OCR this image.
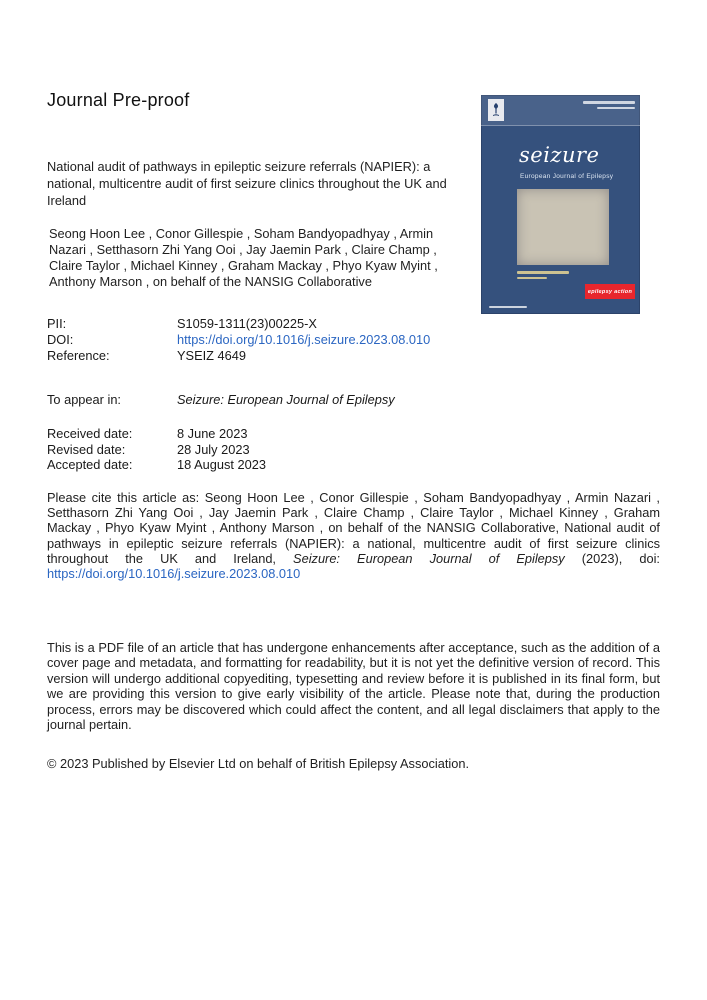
Journal Pre-proof
seizure
European Journal of Epilepsy
epilepsy action
National audit of pathways in epileptic seizure referrals (NAPIER): a national, multicentre audit of first seizure clinics throughout the UK and Ireland
Seong Hoon Lee , Conor Gillespie , Soham Bandyopadhyay , Armin Nazari , Setthasorn Zhi Yang Ooi , Jay Jaemin Park , Claire Champ , Claire Taylor , Michael Kinney , Graham Mackay , Phyo Kyaw Myint , Anthony Marson , on behalf of the NANSIG Collaborative
PII:	S1059-1311(23)00225-X
DOI:	https://doi.org/10.1016/j.seizure.2023.08.010
Reference:	YSEIZ 4649
To appear in:	Seizure: European Journal of Epilepsy
Received date:	8 June 2023
Revised date:	28 July 2023
Accepted date:	18 August 2023

Please cite this article as: Seong Hoon Lee , Conor Gillespie , Soham Bandyopadhyay , Armin Nazari , Setthasorn Zhi Yang Ooi , Jay Jaemin Park , Claire Champ , Claire Taylor , Michael Kinney , Graham Mackay , Phyo Kyaw Myint , Anthony Marson , on behalf of the NANSIG Collaborative, National audit of pathways in epileptic seizure referrals (NAPIER): a national, multicentre audit of first seizure clinics throughout the UK and Ireland, Seizure: European Journal of Epilepsy (2023), doi: https://doi.org/10.1016/j.seizure.2023.08.010

This is a PDF file of an article that has undergone enhancements after acceptance, such as the addition of a cover page and metadata, and formatting for readability, but it is not yet the definitive version of record. This version will undergo additional copyediting, typesetting and review before it is published in its final form, but we are providing this version to give early visibility of the article. Please note that, during the production process, errors may be discovered which could affect the content, and all legal disclaimers that apply to the journal pertain.

© 2023 Published by Elsevier Ltd on behalf of British Epilepsy Association.
